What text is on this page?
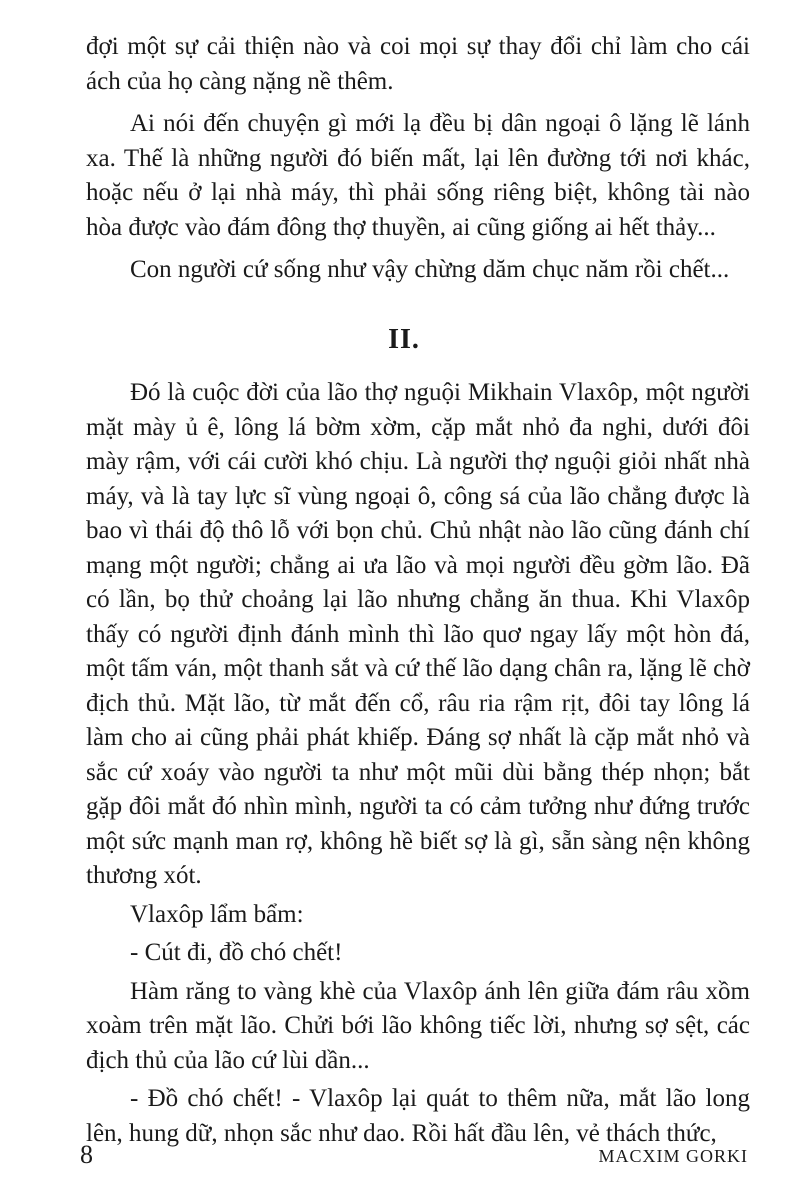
đợi một sự cải thiện nào và coi mọi sự thay đổi chỉ làm cho cái ách của họ càng nặng nề thêm.

Ai nói đến chuyện gì mới lạ đều bị dân ngoại ô lặng lẽ lánh xa. Thế là những người đó biến mất, lại lên đường tới nơi khác, hoặc nếu ở lại nhà máy, thì phải sống riêng biệt, không tài nào hòa được vào đám đông thợ thuyền, ai cũng giống ai hết thảy...

Con người cứ sống như vậy chừng dăm chục năm rồi chết...

II.

Đó là cuộc đời của lão thợ nguội Mikhain Vlaxôp, một người mặt mày ủ ê, lông lá bờm xờm, cặp mắt nhỏ đa nghi, dưới đôi mày rậm, với cái cười khó chịu. Là người thợ nguội giỏi nhất nhà máy, và là tay lực sĩ vùng ngoại ô, công sá của lão chẳng được là bao vì thái độ thô lỗ với bọn chủ. Chủ nhật nào lão cũng đánh chí mạng một người; chẳng ai ưa lão và mọi người đều gờm lão. Đã có lần, bọ thử choảng lại lão nhưng chẳng ăn thua. Khi Vlaxôp thấy có người định đánh mình thì lão quơ ngay lấy một hòn đá, một tấm ván, một thanh sắt và cứ thế lão dạng chân ra, lặng lẽ chờ địch thủ. Mặt lão, từ mắt đến cổ, râu ria rậm rịt, đôi tay lông lá làm cho ai cũng phải phát khiếp. Đáng sợ nhất là cặp mắt nhỏ và sắc cứ xoáy vào người ta như một mũi dùi bằng thép nhọn; bắt gặp đôi mắt đó nhìn mình, người ta có cảm tưởng như đứng trước một sức mạnh man rợ, không hề biết sợ là gì, sẵn sàng nện không thương xót.

Vlaxôp lẩm bẩm:

- Cút đi, đồ chó chết!

Hàm răng to vàng khè của Vlaxôp ánh lên giữa đám râu xồm xoàm trên mặt lão. Chửi bới lão không tiếc lời, nhưng sợ sệt, các địch thủ của lão cứ lùi dần...

- Đồ chó chết! - Vlaxôp lại quát to thêm nữa, mắt lão long lên, hung dữ, nhọn sắc như dao. Rồi hất đầu lên, vẻ thách thức,

8	MACXIM GORKI
